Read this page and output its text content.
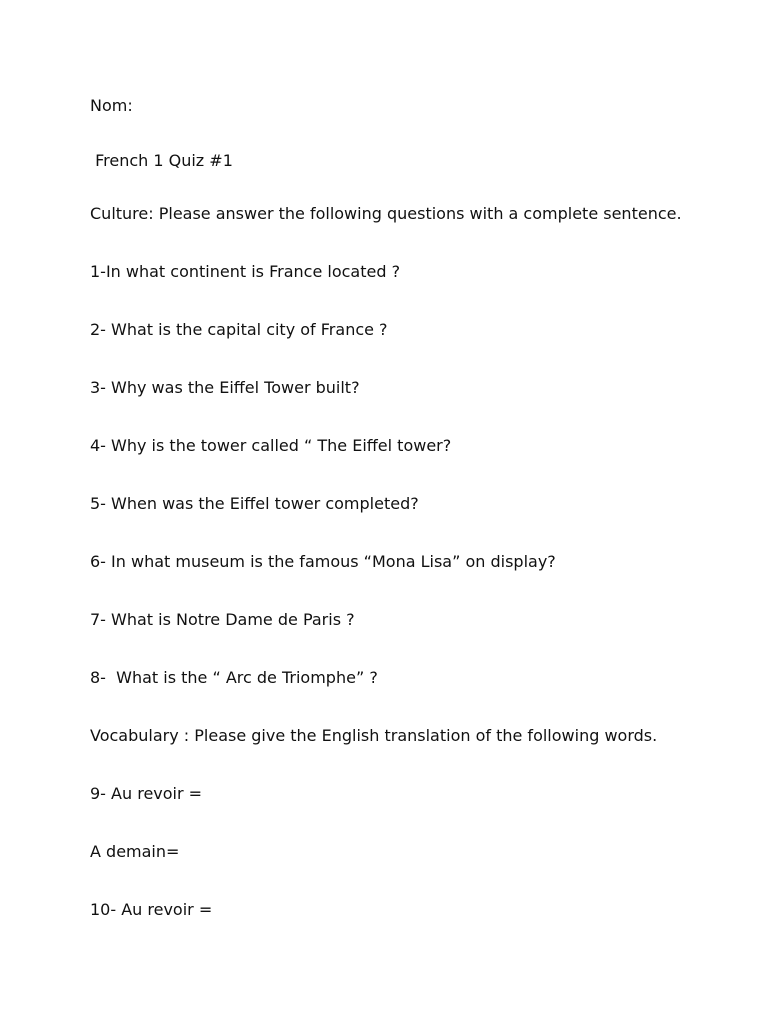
Nom:

French 1 Quiz #1

Culture: Please answer the following questions with a complete sentence.

1-In what continent is France located ?

2- What is the capital city of France ?

3- Why was the Eiffel Tower built?

4- Why is the tower called “ The Eiffel tower?

5- When was the Eiffel tower completed?

6- In what museum is the famous “Mona Lisa” on display?

7- What is Notre Dame de Paris ?

8-  What is the “ Arc de Triomphe” ?

Vocabulary : Please give the English translation of the following words.

9- Au revoir =

A demain=

10- Au revoir =
